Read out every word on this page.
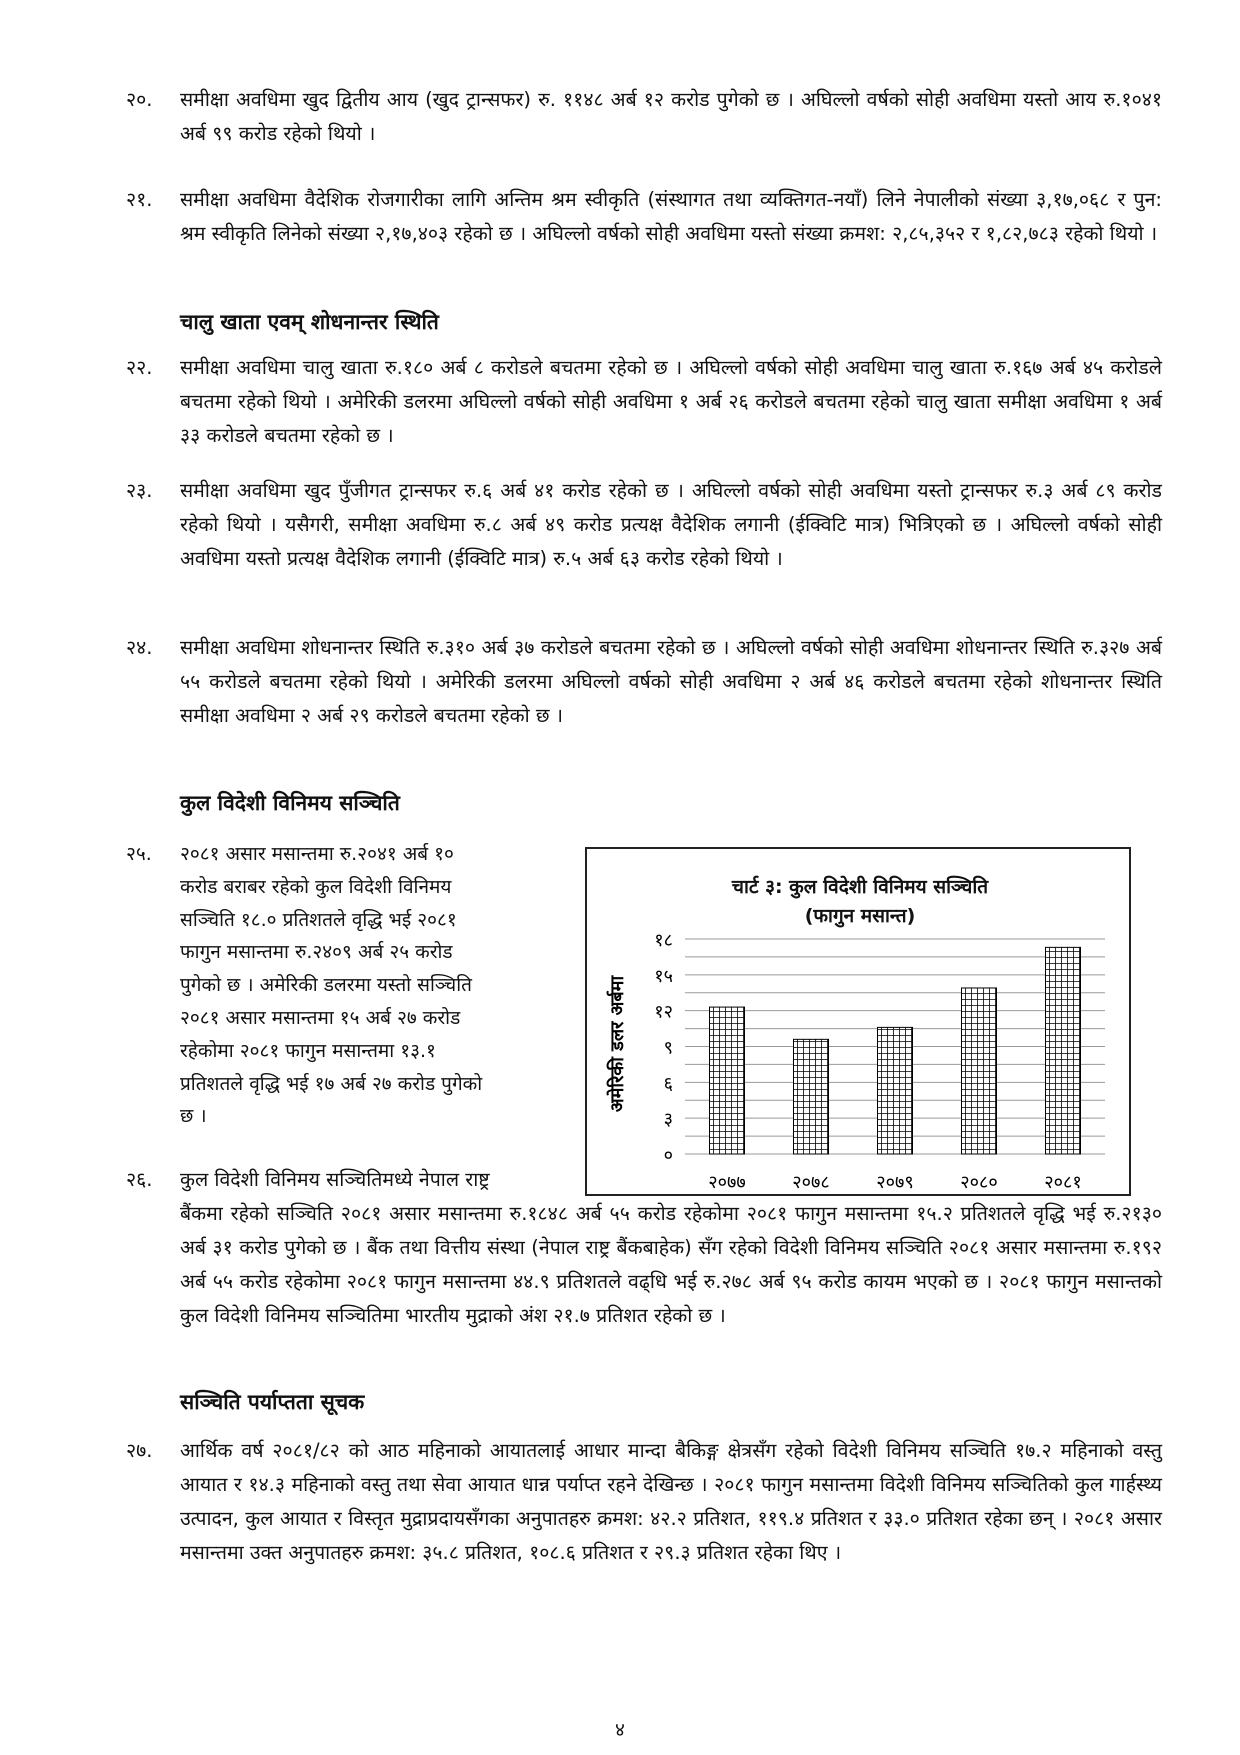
२०.	समीक्षा अवधिमा खुद द्वितीय आय (खुद ट्रान्सफर) रु. ११४८ अर्ब १२ करोड पुगेको छ । अघिल्लो वर्षको सोही अवधिमा यस्तो आय रु.१०४१ अर्ब ९९ करोड रहेको थियो ।
२१.	समीक्षा अवधिमा वैदेशिक रोजगारीका लागि अन्तिम श्रम स्वीकृति (संस्थागत तथा व्यक्तिगत-नयाँ) लिने नेपालीको संख्या ३,१७,०६८ र पुन: श्रम स्वीकृति लिनेको संख्या २,१७,४०३ रहेको छ । अघिल्लो वर्षको सोही अवधिमा यस्तो संख्या क्रमश: २,८५,३५२ र १,८२,७८३ रहेको थियो ।
चालु खाता एवम् शोधनान्तर स्थिति
२२.	समीक्षा अवधिमा चालु खाता रु.१८० अर्ब ८ करोडले बचतमा रहेको छ । अघिल्लो वर्षको सोही अवधिमा चालु खाता रु.१६७ अर्ब ४५ करोडले बचतमा रहेको थियो । अमेरिकी डलरमा अघिल्लो वर्षको सोही अवधिमा १ अर्ब २६ करोडले बचतमा रहेको चालु खाता समीक्षा अवधिमा १ अर्ब ३३ करोडले बचतमा रहेको छ ।
२३.	समीक्षा अवधिमा खुद पुँजीगत ट्रान्सफर रु.६ अर्ब ४१ करोड रहेको छ । अघिल्लो वर्षको सोही अवधिमा यस्तो ट्रान्सफर रु.३ अर्ब ८९ करोड रहेको थियो । यसैगरी, समीक्षा अवधिमा रु.८ अर्ब ४९ करोड प्रत्यक्ष वैदेशिक लगानी (ईक्विटि मात्र) भित्रिएको छ । अघिल्लो वर्षको सोही अवधिमा यस्तो प्रत्यक्ष वैदेशिक लगानी (ईक्विटि मात्र) रु.५ अर्ब ६३ करोड रहेको थियो ।
२४.	समीक्षा अवधिमा शोधनान्तर स्थिति रु.३१० अर्ब ३७ करोडले बचतमा रहेको छ । अघिल्लो वर्षको सोही अवधिमा शोधनान्तर स्थिति रु.३२७ अर्ब ५५ करोडले बचतमा रहेको थियो । अमेरिकी डलरमा अघिल्लो वर्षको सोही अवधिमा २ अर्ब ४६ करोडले बचतमा रहेको शोधनान्तर स्थिति समीक्षा अवधिमा २ अर्ब २९ करोडले बचतमा रहेको छ ।
कुल विदेशी विनिमय सञ्चिति
२५.	२०८१ असार मसान्तमा रु.२०४१ अर्ब १०
करोड बराबर रहेको कुल विदेशी विनिमय
सञ्चिति १८.० प्रतिशतले वृद्धि भई २०८१
फागुन मसान्तमा रु.२४०९ अर्ब २५ करोड
पुगेको छ । अमेरिकी डलरमा यस्तो सञ्चिति
२०८१ असार मसान्तमा १५ अर्ब २७ करोड
रहेकोमा २०८१ फागुन मसान्तमा १३.१
प्रतिशतले वृद्धि भई १७ अर्ब २७ करोड पुगेको
छ ।
चार्ट ३: कुल विदेशी विनिमय सञ्चिति
(फागुन मसान्त)
०
३
६
९
१२
१५
१८
२०७७	२०७८	२०७९	२०८०	२०८१
अमेरिकी डलर अर्बमा
२६.	कुल विदेशी विनिमय सञ्चितिमध्ये नेपाल राष्ट्र
बैंकमा रहेको सञ्चिति २०८१ असार मसान्तमा रु.१८४८ अर्ब ५५ करोड रहेकोमा २०८१ फागुन मसान्तमा १५.२ प्रतिशतले वृद्धि भई रु.२१३० अर्ब ३१ करोड पुगेको छ । बैंक तथा वित्तीय संस्था (नेपाल राष्ट्र बैंकबाहेक) सँग रहेको विदेशी विनिमय सञ्चिति २०८१ असार मसान्तमा रु.१९२ अर्ब ५५ करोड रहेकोमा २०८१ फागुन मसान्तमा ४४.९ प्रतिशतले वढ्धि भई रु.२७८ अर्ब ९५ करोड कायम भएको छ । २०८१ फागुन मसान्तको कुल विदेशी विनिमय सञ्चितिमा भारतीय मुद्राको अंश २१.७ प्रतिशत रहेको छ ।
सञ्चिति पर्याप्तता सूचक
२७.	आर्थिक वर्ष २०८१/८२ को आठ महिनाको आयातलाई आधार मान्दा बैकिङ्ग क्षेत्रसँग रहेको विदेशी विनिमय सञ्चिति १७.२ महिनाको वस्तु आयात र १४.३ महिनाको वस्तु तथा सेवा आयात धान्न पर्याप्त रहने देखिन्छ । २०८१ फागुन मसान्तमा विदेशी विनिमय सञ्चितिको कुल गार्हस्थ्य उत्पादन, कुल आयात र विस्तृत मुद्राप्रदायसँगका अनुपातहरु क्रमश: ४२.२ प्रतिशत, ११९.४ प्रतिशत र ३३.० प्रतिशत रहेका छन् । २०८१ असार मसान्तमा उक्त अनुपातहरु क्रमश: ३५.८ प्रतिशत, १०८.६ प्रतिशत र २९.३ प्रतिशत रहेका थिए ।
४
